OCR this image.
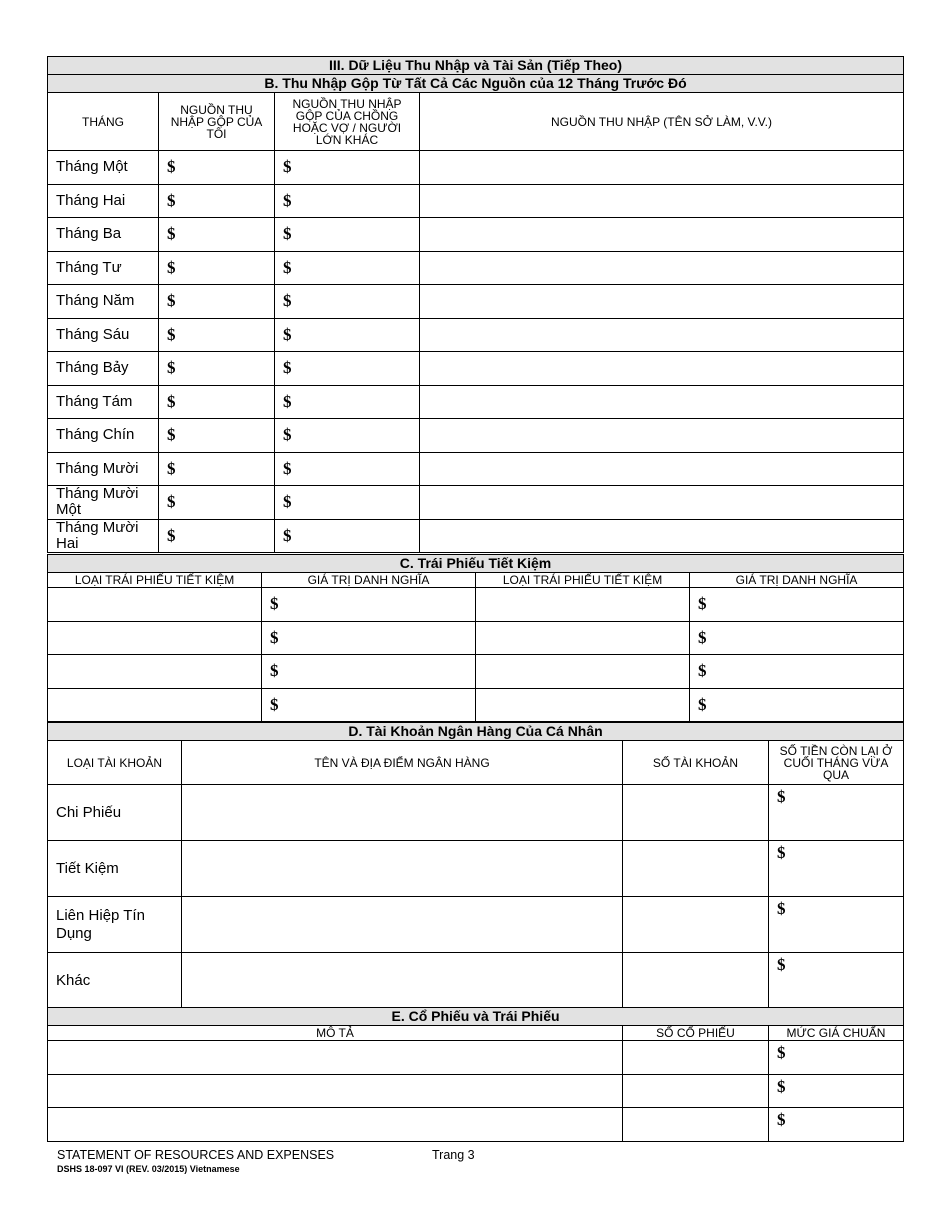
III. Dữ Liệu Thu Nhập và Tài Sản (Tiếp Theo)			
B. Thu Nhập Gộp Từ Tất Cả Các Nguồn của 12 Tháng Trước Đó			
THÁNG	NGUỒN THU NHẬP GỘP CỦA TÔI	NGUỒN THU NHẬP GỘP CỦA CHỒNG HOẶC VỢ / NGƯỜI LỚN KHÁC	NGUỒN THU NHẬP (TÊN SỞ LÀM, V.V.)
Tháng Một	$	$	
Tháng Hai	$	$	
Tháng Ba	$	$	
Tháng Tư	$	$	
Tháng Năm	$	$	
Tháng Sáu	$	$	
Tháng Bảy	$	$	
Tháng Tám	$	$	
Tháng Chín	$	$	
Tháng Mười	$	$	
Tháng Mười Một	$	$	
Tháng Mười Hai	$	$	
C. Trái Phiếu Tiết Kiệm			
LOẠI TRÁI PHIẾU TIẾT KIỆM	GIÁ TRỊ DANH NGHĨA	LOẠI TRÁI PHIẾU TIẾT KIỆM	GIÁ TRỊ DANH NGHĨA
	$		$
	$		$
	$		$
	$		$
D. Tài Khoản Ngân Hàng Của Cá Nhân			
LOẠI TÀI KHOẢN	TÊN VÀ ĐỊA ĐIỂM NGÂN HÀNG	SỐ TÀI KHOẢN	SỐ TIỀN CÒN LẠI Ở CUỐI THÁNG VỪA QUA
Chi Phiếu			$
Tiết Kiệm			$
Liên Hiệp Tín Dụng			$
Khác			$
E. Cổ Phiếu và Trái Phiếu		
MÔ TẢ	SỐ CỔ PHIẾU	MỨC GIÁ CHUẨN
		$
		$
		$
STATEMENT OF RESOURCES AND EXPENSES
DSHS 18-097 VI (REV. 03/2015) Vietnamese
Trang 3
